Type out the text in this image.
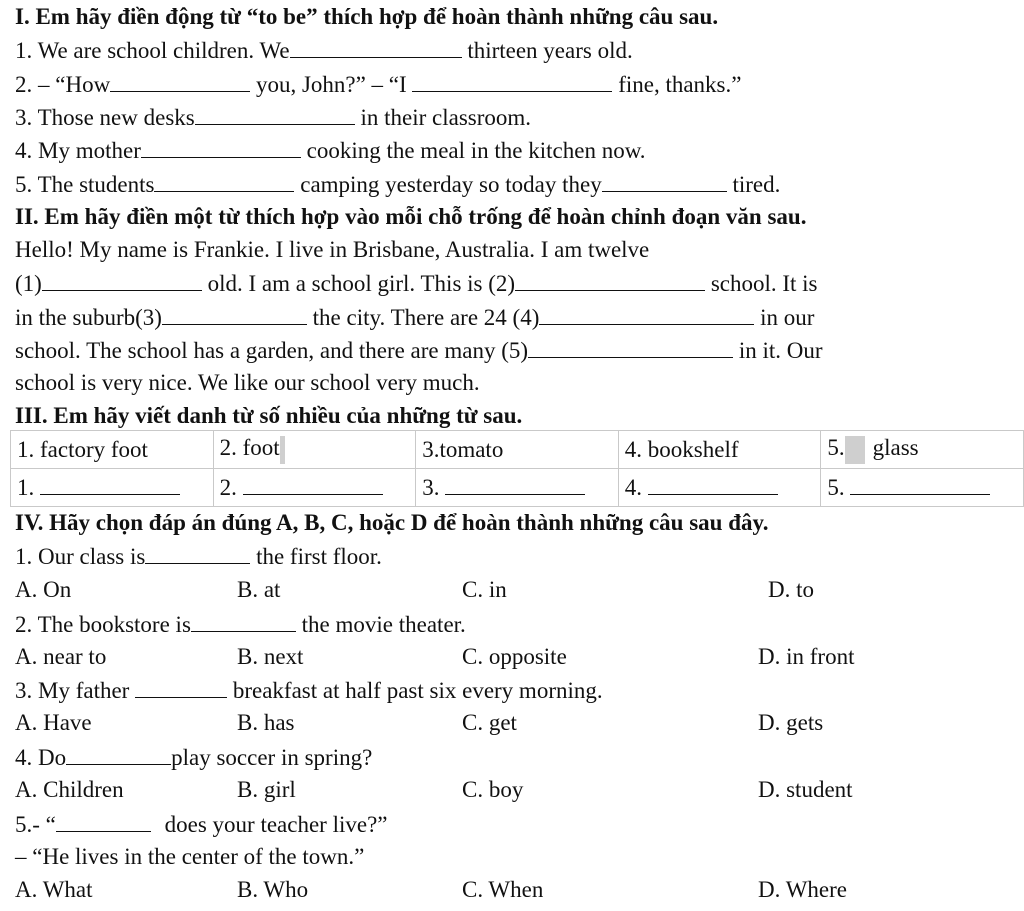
I. Em hãy điền động từ “to be” thích hợp để hoàn thành những câu sau.
1. We are school children. We	thirteen years old.
2. – “How	you, John?” – “I	fine, thanks.”
3. Those new desks	in their classroom.
4. My mother	cooking the meal in the kitchen now.
5. The students	camping yesterday so today they	tired.
II. Em hãy điền một từ thích hợp vào mỗi chỗ trống để hoàn chỉnh đoạn văn sau.
Hello! My name is Frankie. I live in Brisbane, Australia. I am twelve
(1)	old. I am a school girl. This is (2)	school. It is
in the suburb(3)	the city. There are 24 (4)	in our
school. The school has a garden, and there are many (5)	in it. Our
school is very nice. We like our school very much.
III. Em hãy viết danh từ số nhiều của những từ sau.
1. factory foot	2. foot	3.tomato	4. bookshelf	5. glass
1.	2.	3.	4.	5.
IV. Hãy chọn đáp án đúng A, B, C, hoặc D để hoàn thành những câu sau đây.
1. Our class is	the first floor.
A. On	B. at	C. in	D. to
2. The bookstore is	the movie theater.
A. near to	B. next	C. opposite	D. in front
3. My father	breakfast at half past six every morning.
A. Have	B. has	C. get	D. gets
4. Do	play soccer in spring?
A. Children	B. girl	C. boy	D. student
5.- “	does your teacher live?”
– “He lives in the center of the town.”
A. What	B. Who	C. When	D. Where
